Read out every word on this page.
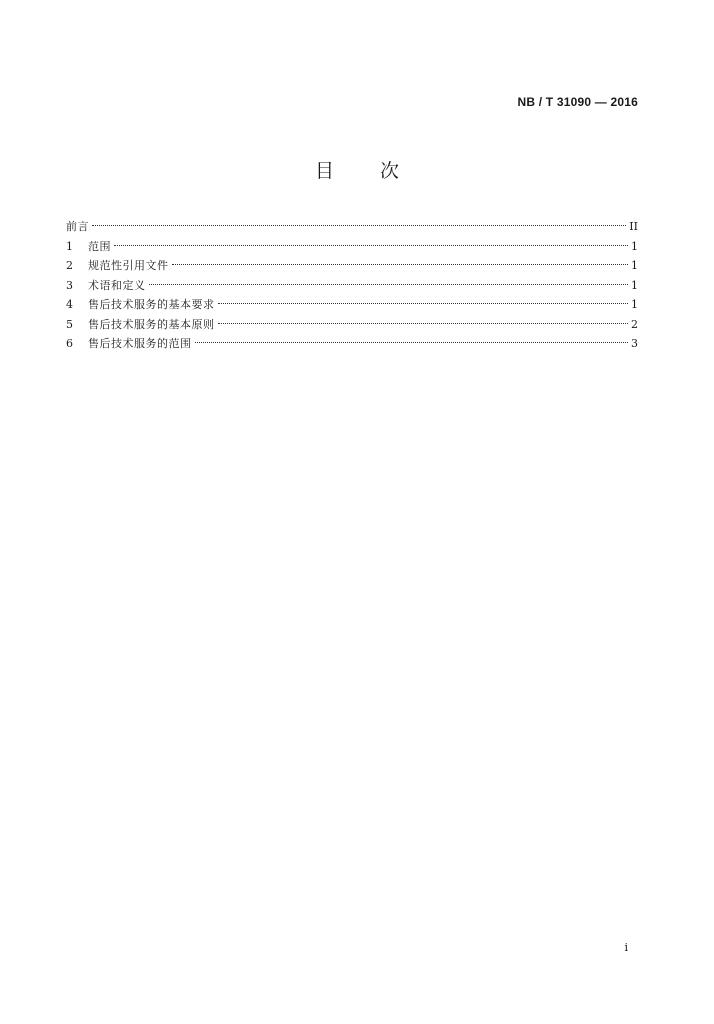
NB / T 31090 — 2016
目 次
前言	II
1	范围	1
2	规范性引用文件	1
3	术语和定义	1
4	售后技术服务的基本要求	1
5	售后技术服务的基本原则	2
6	售后技术服务的范围	3
i
